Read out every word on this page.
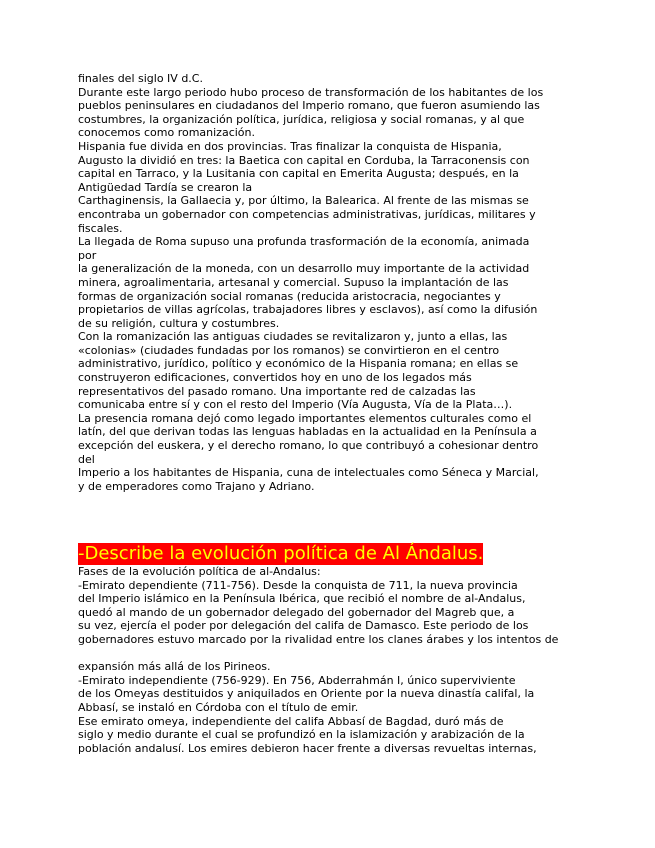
finales del siglo IV d.C.
Durante este largo periodo hubo proceso de transformación de los habitantes de los
pueblos peninsulares en ciudadanos del Imperio romano, que fueron asumiendo las
costumbres, la organización política, jurídica, religiosa y social romanas, y al que
conocemos como romanización.
Hispania fue divida en dos provincias. Tras finalizar la conquista de Hispania,
Augusto la dividió en tres: la Baetica con capital en Corduba, la Tarraconensis con
capital en Tarraco, y la Lusitania con capital en Emerita Augusta; después, en la
Antigüedad Tardía se crearon la
Carthaginensis, la Gallaecia y, por último, la Balearica. Al frente de las mismas se
encontraba un gobernador con competencias administrativas, jurídicas, militares y
fiscales.
La llegada de Roma supuso una profunda trasformación de la economía, animada
por
la generalización de la moneda, con un desarrollo muy importante de la actividad
minera, agroalimentaria, artesanal y comercial. Supuso la implantación de las
formas de organización social romanas (reducida aristocracia, negociantes y
propietarios de villas agrícolas, trabajadores libres y esclavos), así como la difusión
de su religión, cultura y costumbres.
Con la romanización las antiguas ciudades se revitalizaron y, junto a ellas, las
«colonias» (ciudades fundadas por los romanos) se convirtieron en el centro
administrativo, jurídico, político y económico de la Hispania romana; en ellas se
construyeron edificaciones, convertidos hoy en uno de los legados más
representativos del pasado romano. Una importante red de calzadas las
comunicaba entre sí y con el resto del Imperio (Vía Augusta, Vía de la Plata…).
La presencia romana dejó como legado importantes elementos culturales como el
latín, del que derivan todas las lenguas habladas en la actualidad en la Península a
excepción del euskera, y el derecho romano, lo que contribuyó a cohesionar dentro
del
Imperio a los habitantes de Hispania, cuna de intelectuales como Séneca y Marcial,
y de emperadores como Trajano y Adriano.
-Describe la evolución política de Al Ándalus.
Fases de la evolución política de al-Andalus:
-Emirato dependiente (711-756). Desde la conquista de 711, la nueva provincia
del Imperio islámico en la Península Ibérica, que recibió el nombre de al-Andalus,
quedó al mando de un gobernador delegado del gobernador del Magreb que, a
su vez, ejercía el poder por delegación del califa de Damasco. Este periodo de los
gobernadores estuvo marcado por la rivalidad entre los clanes árabes y los intentos de

expansión más allá de los Pirineos.
-Emirato independiente (756-929). En 756, Abderrahmán I, único superviviente
de los Omeyas destituidos y aniquilados en Oriente por la nueva dinastía califal, la
Abbasí, se instaló en Córdoba con el título de emir.
Ese emirato omeya, independiente del califa Abbasí de Bagdad, duró más de
siglo y medio durante el cual se profundizó en la islamización y arabización de la
población andalusí. Los emires debieron hacer frente a diversas revueltas internas,
